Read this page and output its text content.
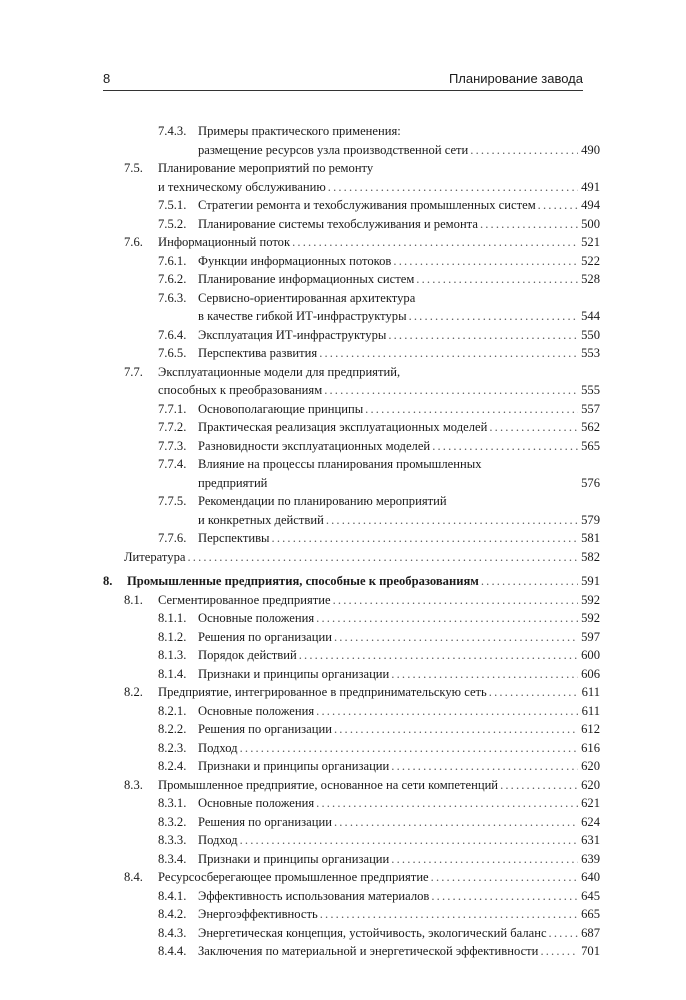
8	Планирование завода
7.4.3. Примеры практического применения:
размещение ресурсов узла производственной сети . . .	490
7.5. Планирование мероприятий по ремонту
и техническому обслуживанию . . .	491
7.5.1. Стратегии ремонта и техобслуживания промышленных систем . . .	494
7.5.2. Планирование системы техобслуживания и ремонта . . .	500
7.6. Информационный поток . . .	521
7.6.1. Функции информационных потоков . . .	522
7.6.2. Планирование информационных систем . . .	528
7.6.3. Сервисно-ориентированная архитектура
в качестве гибкой ИТ-инфраструктуры . . .	544
7.6.4. Эксплуатация ИТ-инфраструктуры . . .	550
7.6.5. Перспектива развития . . .	553
7.7. Эксплуатационные модели для предприятий,
способных к преобразованиям . . .	555
7.7.1. Основополагающие принципы . . .	557
7.7.2. Практическая реализация эксплуатационных моделей . . .	562
7.7.3. Разновидности эксплуатационных моделей . . .	565
7.7.4. Влияние на процессы планирования промышленных
предприятий	576
7.7.5. Рекомендации по планированию мероприятий
и конкретных действий . . .	579
7.7.6. Перспективы . . .	581
Литература . . .	582
8. Промышленные предприятия, способные к преобразованиям . . .	591
8.1. Сегментированное предприятие . . .	592
8.1.1. Основные положения . . .	592
8.1.2. Решения по организации . . .	597
8.1.3. Порядок действий . . .	600
8.1.4. Признаки и принципы организации . . .	606
8.2. Предприятие, интегрированное в предпринимательскую сеть . . .	611
8.2.1. Основные положения . . .	611
8.2.2. Решения по организации . . .	612
8.2.3. Подход . . .	616
8.2.4. Признаки и принципы организации . . .	620
8.3. Промышленное предприятие, основанное на сети компетенций . . .	620
8.3.1. Основные положения . . .	621
8.3.2. Решения по организации . . .	624
8.3.3. Подход . . .	631
8.3.4. Признаки и принципы организации . . .	639
8.4. Ресурсосберегающее промышленное предприятие . . .	640
8.4.1. Эффективность использования материалов . . .	645
8.4.2. Энергоэффективность . . .	665
8.4.3. Энергетическая концепция, устойчивость, экологический баланс . . .	687
8.4.4. Заключения по материальной и энергетической эффективности . . .	701
